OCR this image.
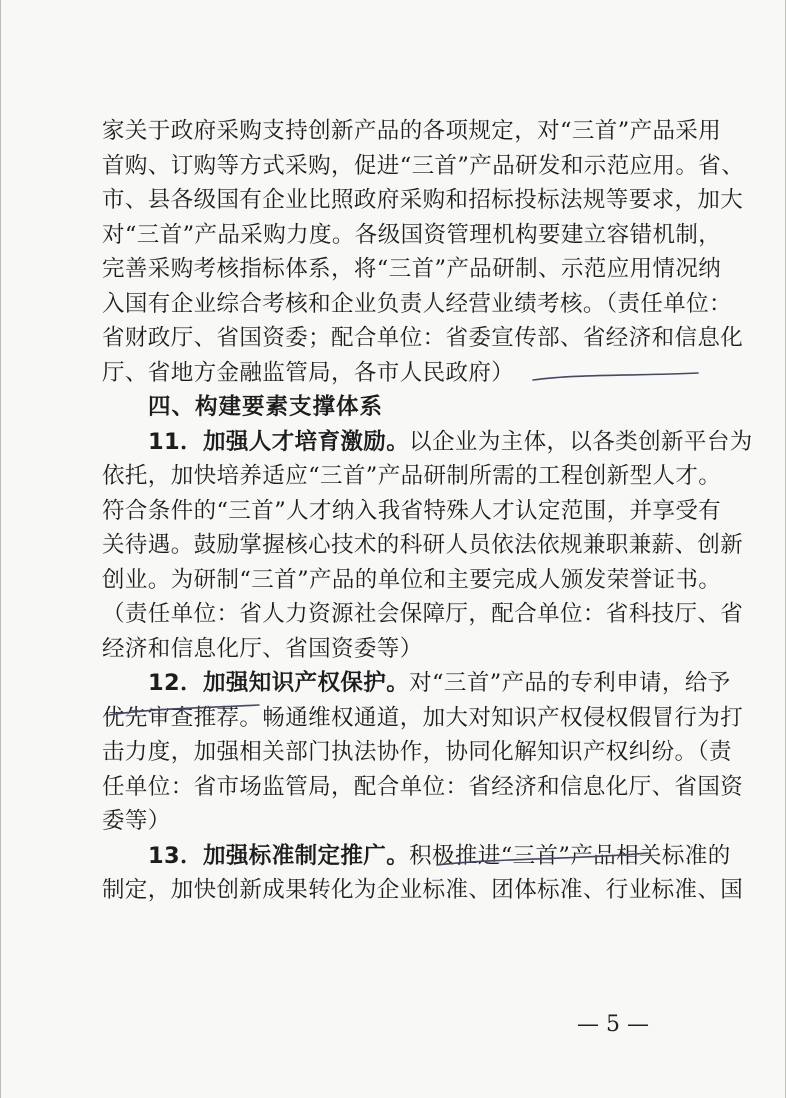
家关于政府采购支持创新产品的各项规定，对“三首”产品采用
首购、订购等方式采购，促进“三首”产品研发和示范应用。省、
市、县各级国有企业比照政府采购和招标投标法规等要求，加大
对“三首”产品采购力度。各级国资管理机构要建立容错机制，
完善采购考核指标体系，将“三首”产品研制、示范应用情况纳
入国有企业综合考核和企业负责人经营业绩考核。（责任单位：
省财政厅、省国资委；配合单位：省委宣传部、省经济和信息化
厅、省地方金融监管局，各市人民政府）
四、构建要素支撑体系
11．加强人才培育激励。以企业为主体，以各类创新平台为
依托，加快培养适应“三首”产品研制所需的工程创新型人才。
符合条件的“三首”人才纳入我省特殊人才认定范围，并享受有
关待遇。鼓励掌握核心技术的科研人员依法依规兼职兼薪、创新
创业。为研制“三首”产品的单位和主要完成人颁发荣誉证书。
（责任单位：省人力资源社会保障厅，配合单位：省科技厅、省
经济和信息化厅、省国资委等）
12．加强知识产权保护。对“三首”产品的专利申请，给予
优先审查推荐。畅通维权通道，加大对知识产权侵权假冒行为打
击力度，加强相关部门执法协作，协同化解知识产权纠纷。（责
任单位：省市场监管局，配合单位：省经济和信息化厅、省国资
委等）
13．加强标准制定推广。积极推进“三首”产品相关标准的
制定，加快创新成果转化为企业标准、团体标准、行业标准、国
— 5 —
